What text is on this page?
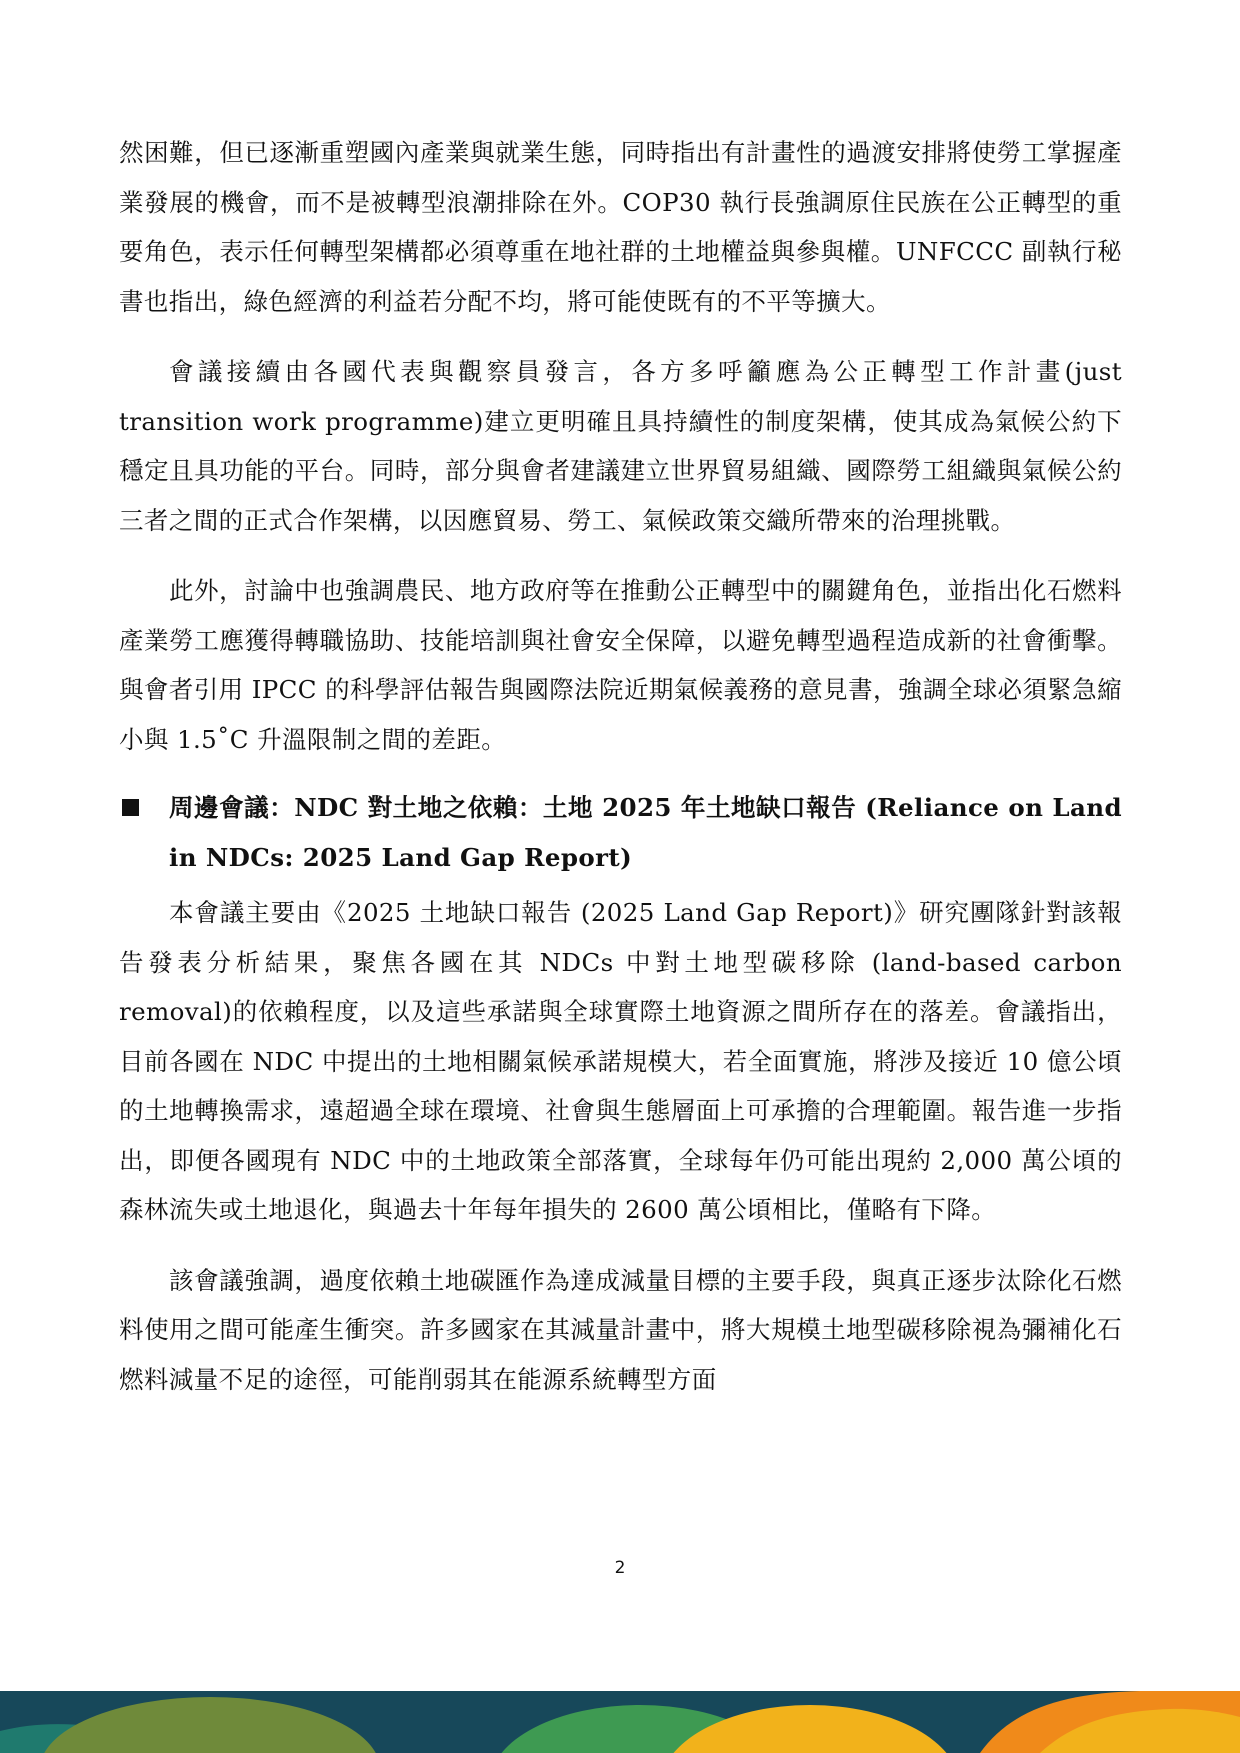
然困難，但已逐漸重塑國內產業與就業生態，同時指出有計畫性的過渡安排將使勞工掌握產業發展的機會，而不是被轉型浪潮排除在外。COP30 執行長強調原住民族在公正轉型的重要角色，表示任何轉型架構都必須尊重在地社群的土地權益與參與權。UNFCCC 副執行秘書也指出，綠色經濟的利益若分配不均，將可能使既有的不平等擴大。

會議接續由各國代表與觀察員發言，各方多呼籲應為公正轉型工作計畫(just transition work programme)建立更明確且具持續性的制度架構，使其成為氣候公約下穩定且具功能的平台。同時，部分與會者建議建立世界貿易組織、國際勞工組織與氣候公約三者之間的正式合作架構，以因應貿易、勞工、氣候政策交織所帶來的治理挑戰。

此外，討論中也強調農民、地方政府等在推動公正轉型中的關鍵角色，並指出化石燃料產業勞工應獲得轉職協助、技能培訓與社會安全保障，以避免轉型過程造成新的社會衝擊。與會者引用 IPCC 的科學評估報告與國際法院近期氣候義務的意見書，強調全球必須緊急縮小與 1.5˚C 升溫限制之間的差距。

周邊會議：NDC 對土地之依賴：土地 2025 年土地缺口報告 (Reliance on Land in NDCs: 2025 Land Gap Report)

本會議主要由《2025 土地缺口報告 (2025 Land Gap Report)》研究團隊針對該報告發表分析結果，聚焦各國在其 NDCs 中對土地型碳移除 (land-based carbon removal)的依賴程度，以及這些承諾與全球實際土地資源之間所存在的落差。會議指出，目前各國在 NDC 中提出的土地相關氣候承諾規模大，若全面實施，將涉及接近 10 億公頃的土地轉換需求，遠超過全球在環境、社會與生態層面上可承擔的合理範圍。報告進一步指出，即便各國現有 NDC 中的土地政策全部落實，全球每年仍可能出現約 2,000 萬公頃的森林流失或土地退化，與過去十年每年損失的 2600 萬公頃相比，僅略有下降。

該會議強調，過度依賴土地碳匯作為達成減量目標的主要手段，與真正逐步汰除化石燃料使用之間可能產生衝突。許多國家在其減量計畫中，將大規模土地型碳移除視為彌補化石燃料減量不足的途徑，可能削弱其在能源系統轉型方面

2
